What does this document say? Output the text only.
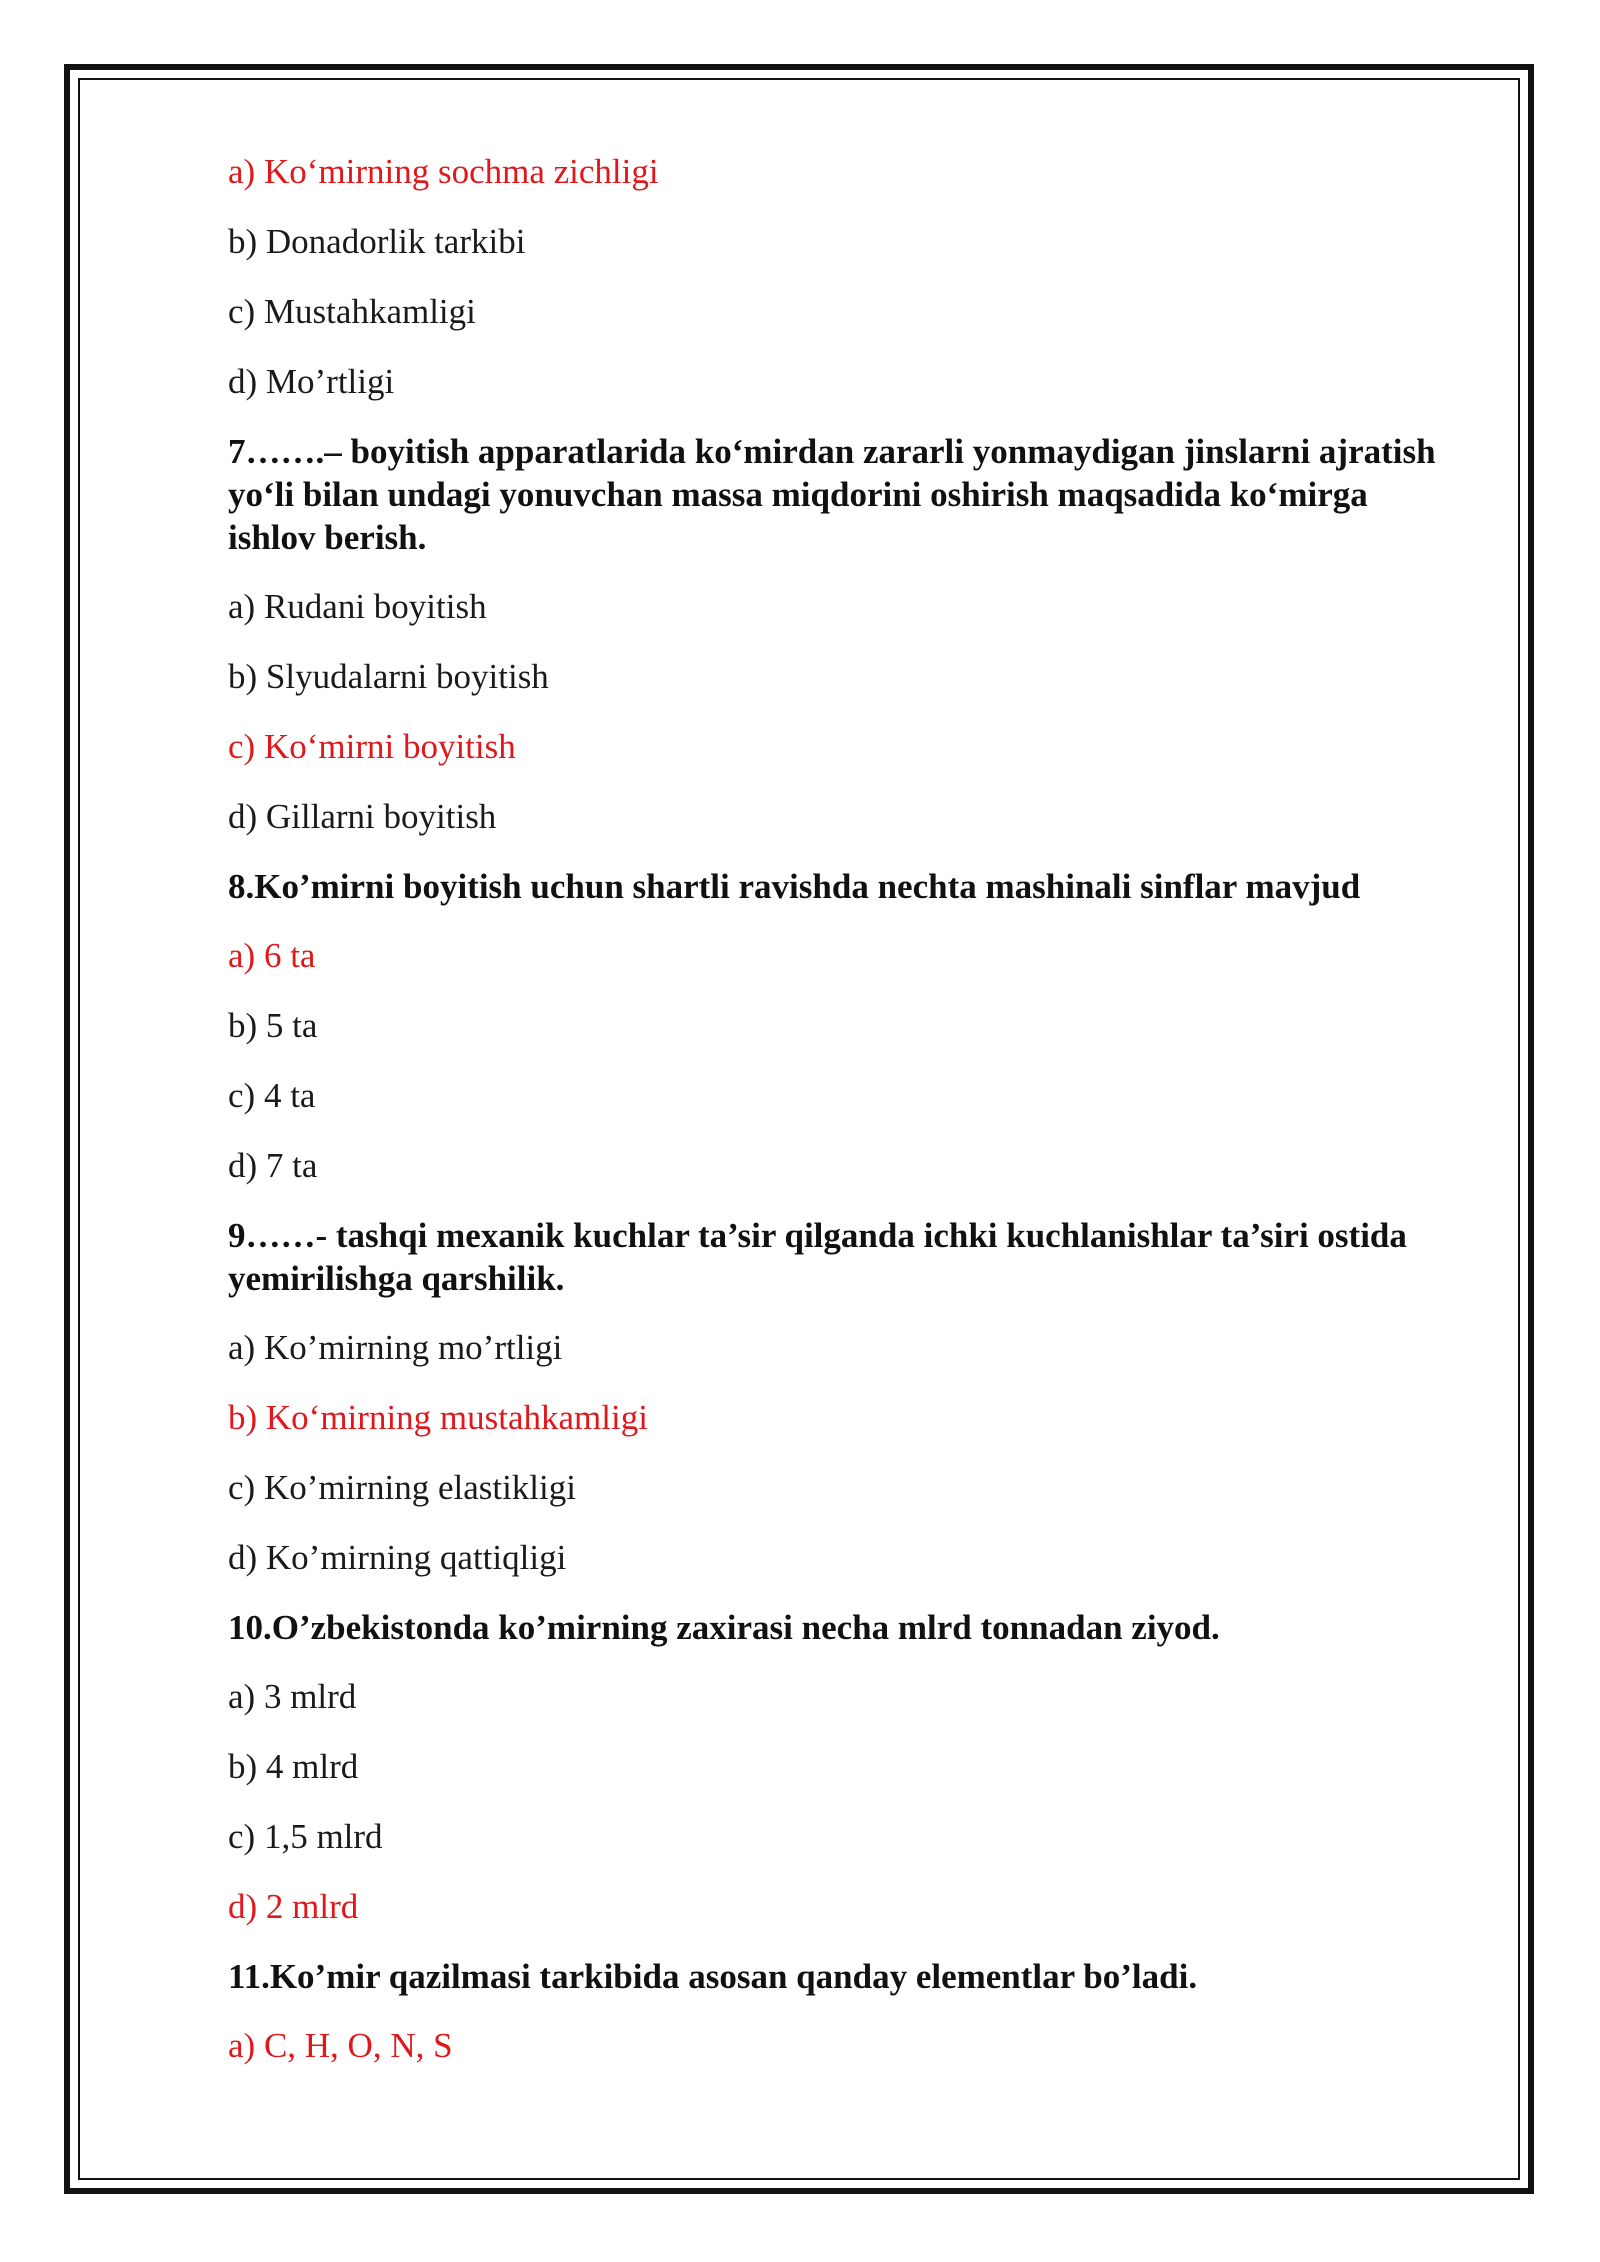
a) Ko‘mirning sochma zichligi
b) Donadorlik tarkibi
c) Mustahkamligi
d) Mo’rtligi
7…….– boyitish apparatlarida ko‘mirdan zararli yonmaydigan jinslarni ajratish yo‘li bilan undagi yonuvchan massa miqdorini oshirish maqsadida ko‘mirga ishlov berish.
a) Rudani boyitish
b) Slyudalarni boyitish
c) Ko‘mirni boyitish
d) Gillarni boyitish
8.Ko’mirni boyitish uchun shartli ravishda nechta mashinali sinflar mavjud
a) 6 ta
b) 5 ta
c) 4 ta
d) 7 ta
9……- tashqi mexanik kuchlar ta’sir qilganda ichki kuchlanishlar ta’siri ostida yemirilishga qarshilik.
a) Ko’mirning mo’rtligi
b) Ko‘mirning mustahkamligi
c) Ko’mirning elastikligi
d) Ko’mirning qattiqligi
10.O’zbekistonda ko’mirning zaxirasi necha mlrd tonnadan ziyod.
a) 3 mlrd
b) 4 mlrd
c) 1,5 mlrd
d) 2 mlrd
11.Ko’mir qazilmasi tarkibida asosan qanday elementlar bo’ladi.
a) C, H, O, N, S
